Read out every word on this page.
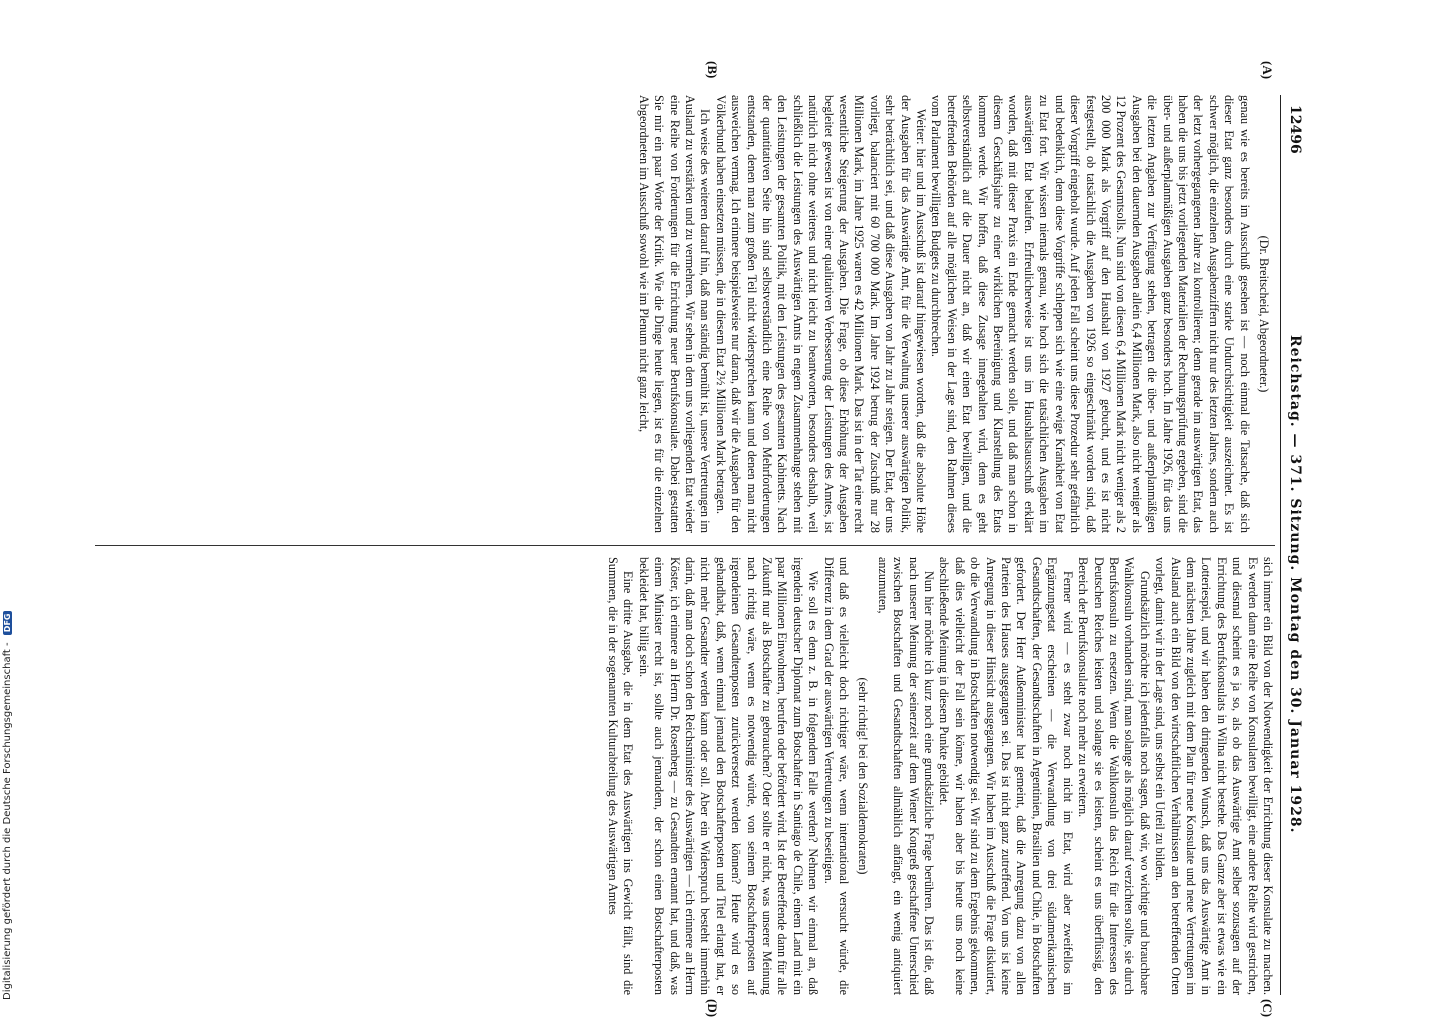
12496
Reichstag. — 371. Sitzung. Montag den 30. Januar 1928.
(A)
(B)
(C)
(D)

(Dr. Breitscheid, Abgeordneter.)

genau wie es bereits im Ausschuß gesehen ist — noch einmal die Tatsache, daß sich dieser Etat ganz besonders durch eine starke Undurchsichtigkeit auszeichnet. Es ist schwer möglich, die einzelnen Ausgabenziffern nicht nur des letzten Jahres, sondern auch der letzt vorhergegangenen Jahre zu kontrollieren; denn gerade im auswärtigen Etat, das haben die uns bis jetzt vorliegenden Materialien der Rechnungsprüfung ergeben, sind die über- und außerplanmäßigen Ausgaben ganz besonders hoch. Im Jahre 1926, für das uns die letzten Angaben zur Verfügung stehen, betragen die über- und außerplanmäßigen Ausgaben bei den dauernden Ausgaben allein 6,4 Millionen Mark, also nicht weniger als 12 Prozent des Gesamtsolls. Nun sind von diesen 6,4 Millionen Mark nicht weniger als 2 200 000 Mark als Vorgriff auf den Haushalt von 1927 gebucht, und es ist nicht festgestellt, ob tatsächlich die Ausgaben von 1926 so eingeschränkt worden sind, daß dieser Vorgriff eingeholt wurde. Auf jeden Fall scheint uns diese Prozedur sehr gefährlich und bedenklich, denn diese Vorgriffe schleppen sich wie eine ewige Krankheit von Etat zu Etat fort. Wir wissen niemals genau, wie hoch sich die tatsächlichen Ausgaben im auswärtigen Etat belaufen. Erfreulicherweise ist uns im Haushaltsausschuß erklärt worden, daß mit dieser Praxis ein Ende gemacht werden solle, und daß man schon in diesem Geschäftsjahre zu einer wirklichen Bereinigung und Klarstellung des Etats kommen werde. Wir hoffen, daß diese Zusage innegehalten wird, denn es geht selbstverständlich auf die Dauer nicht an, daß wir einen Etat bewilligen, und die betreffenden Behörden auf alle möglichen Weisen in der Lage sind, den Rahmen dieses vom Parlament bewilligten Budgets zu durchbrechen.

Weiter: hier und im Ausschuß ist darauf hingewiesen worden, daß die absolute Höhe der Ausgaben für das Auswärtige Amt, für die Verwaltung unserer auswärtigen Politik, sehr beträchtlich sei, und daß diese Ausgaben von Jahr zu Jahr steigen. Der Etat, der uns vorliegt, balanciert mit 60 700 000 Mark. Im Jahre 1924 betrug der Zuschuß nur 28 Millionen Mark, im Jahre 1925 waren es 42 Millionen Mark. Das ist in der Tat eine recht wesentliche Steigerung der Ausgaben. Die Frage, ob diese Erhöhung der Ausgaben begleitet gewesen ist von einer qualitativen Verbesserung der Leistungen des Amtes, ist natürlich nicht ohne weiteres und nicht leicht zu beantworten, besonders deshalb, weil schließlich die Leistungen des Auswärtigen Amts in engem Zusammenhange stehen mit den Leistungen der gesamten Politik, mit den Leistungen des gesamten Kabinetts. Nach der quantitativen Seite hin sind selbstverständlich eine Reihe von Mehrforderungen entstanden, denen man zum großen Teil nicht widersprechen kann und denen man nicht ausweichen vermag. Ich erinnere beispielsweise nur daran, daß wir die Ausgaben für den Völkerbund haben einsetzen müssen, die in diesem Etat 2½ Millionen Mark betragen.

Ich weise des weiteren darauf hin, daß man ständig bemüht ist, unsere Vertretungen im Ausland zu verstärken und zu vermehren. Wir sehen in dem uns vorliegenden Etat wieder eine Reihe von Forderungen für die Errichtung neuer Berufskonsulate. Dabei gestatten Sie mir ein paar Worte der Kritik. Wie die Dinge heute liegen, ist es für die einzelnen Abgeordneten im Ausschuß sowohl wie im Plenum nicht ganz leicht,

sich immer ein Bild von der Notwendigkeit der Errichtung dieser Konsulate zu machen. Es werden dann eine Reihe von Konsulaten bewilligt, eine andere Reihe wird gestrichen, und diesmal scheint es ja so, als ob das Auswärtige Amt selber sozusagen auf der Errichtung des Berufskonsulats in Wilna nicht bestehe. Das Ganze aber ist etwas wie ein Lotteriespiel, und wir haben den dringenden Wunsch, daß uns das Auswärtige Amt in dem nächsten Jahre zugleich mit dem Plan für neue Konsulate und neue Vertretungen im Ausland auch ein Bild von den wirtschaftlichen Verhältnissen an den betreffenden Orten vorlegt, damit wir in der Lage sind, uns selbst ein Urteil zu bilden.

Grundsätzlich möchte ich jedenfalls noch sagen, daß wir, wo wichtige und brauchbare Wahlkonsuln vorhanden sind, man solange als möglich darauf verzichten sollte, sie durch Berufskonsuln zu ersetzen. Wenn die Wahlkonsuln das Reich für die Interessen des Deutschen Reiches leisten und solange sie es leisten, scheint es uns überflüssig, den Bereich der Berufskonsulate noch mehr zu erweitern.

Ferner wird — es steht zwar noch nicht im Etat, wird aber zweifellos im Ergänzungsetat erscheinen — die Verwandlung von drei südamerikanischen Gesandtschaften, der Gesandtschaften in Argentinien, Brasilien und Chile, in Botschaften gefordert. Der Herr Außenminister hat gemeint, daß die Anregung dazu von allen Parteien des Hauses ausgegangen sei. Das ist nicht ganz zutreffend. Von uns ist keine Anregung in dieser Hinsicht ausgegangen. Wir haben im Ausschuß die Frage diskutiert, ob die Verwandlung in Botschaften notwendig sei. Wir sind zu dem Ergebnis gekommen, daß dies vielleicht der Fall sein könne, wir haben aber bis heute uns noch keine abschließende Meinung in diesem Punkte gebildet.

Nun hier möchte ich kurz noch eine grundsätzliche Frage berühren. Das ist die, daß nach unserer Meinung der seinerzeit auf dem Wiener Kongreß geschaffene Unterschied zwischen Botschaften und Gesandtschaften allmählich anfängt, ein wenig antiquiert anzumuten,

(sehr richtig! bei den Sozialdemokraten)

und daß es vielleicht doch richtiger wäre, wenn international versucht würde, die Differenz in dem Grad der auswärtigen Vertretungen zu beseitigen.

Wie soll es denn z. B. in folgendem Falle werden? Nehmen wir einmal an, daß irgendein deutscher Diplomat zum Botschafter in Santiago de Chile, einem Land mit ein paar Millionen Einwohnern, berufen oder befördert wird. Ist der Betreffende dann für alle Zukunft nur als Botschafter zu gebrauchen? Oder sollte er nicht, was unserer Meinung nach richtig wäre, wenn es notwendig würde, von seinem Botschafterposten auf irgendeinen Gesandtenposten zurückversetzt werden können? Heute wird es so gehandhabt, daß, wenn einmal jemand den Botschafterposten und Titel erlangt hat, er nicht mehr Gesandter werden kann oder soll. Aber ein Widerspruch besteht immerhin darin, daß man doch schon den Reichsminister des Auswärtigen — ich erinnere an Herrn Köster, ich erinnere an Herrn Dr. Rosenberg — zu Gesandten ernannt hat, und daß, was einem Minister recht ist, sollte auch jemandem, der schon einen Botschafterposten bekleidet hat, billig sein.

Eine dritte Ausgabe, die in dem Etat des Auswärtigen ins Gewicht fällt, sind die Summen, die in der sogenannten Kulturabteilung des Auswärtigen Amtes

Digitalisierung gefördert durch die Deutsche Forschungsgemeinschaft - DFG
